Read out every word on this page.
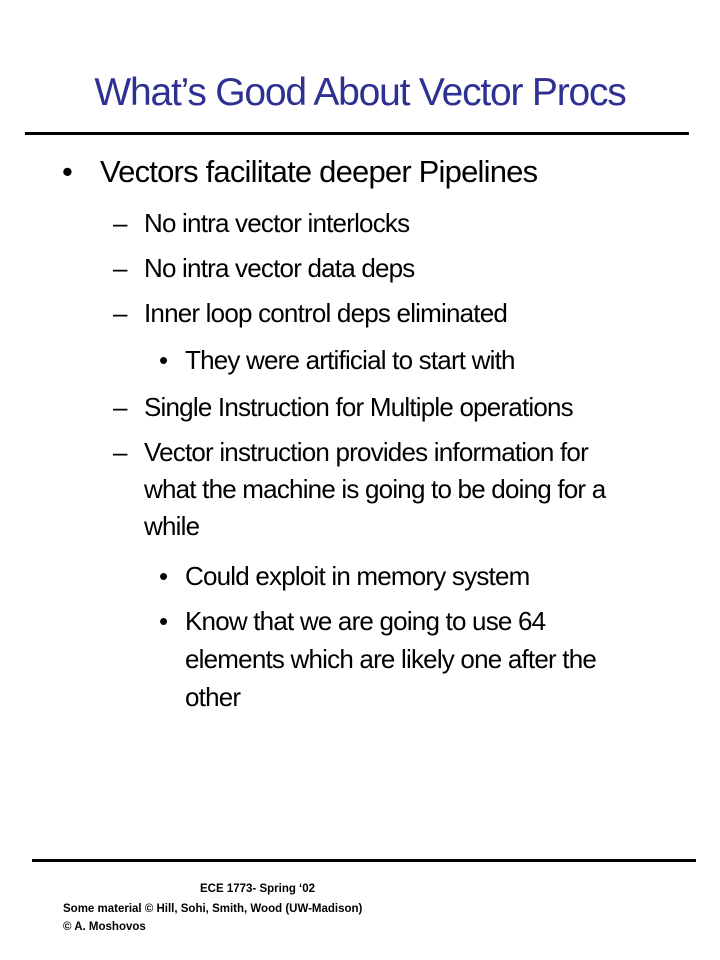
What’s Good About Vector Procs
• Vectors facilitate deeper Pipelines
– No intra vector interlocks
– No intra vector data deps
– Inner loop control deps eliminated
• They were artificial to start with
– Single Instruction for Multiple operations
– Vector instruction provides information for
what the machine is going to be doing for a
while
• Could exploit in memory system
• Know that we are going to use 64
elements which are likely one after the
other
ECE 1773- Spring ‘02
Some material © Hill, Sohi, Smith, Wood (UW-Madison)
© A. Moshovos
